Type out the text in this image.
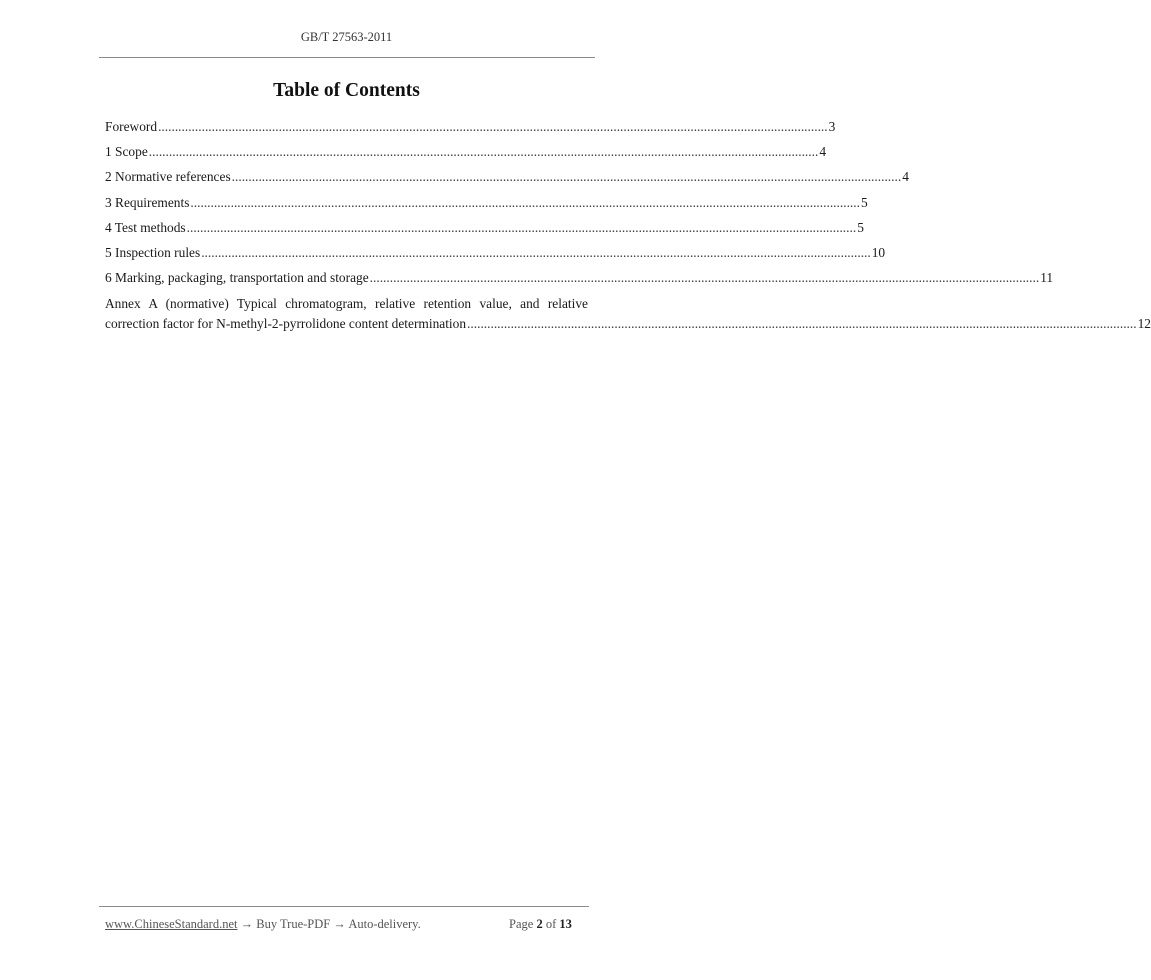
GB/T 27563-2011
Table of Contents
Foreword ........................................................................................................................................................................................................ 3
1 Scope ........................................................................................................................................................................................................ 4
2 Normative references ........................................................................................................................................................................................................ 4
3 Requirements ........................................................................................................................................................................................................ 5
4 Test methods ........................................................................................................................................................................................................ 5
5 Inspection rules ........................................................................................................................................................................................................ 10
6 Marking, packaging, transportation and storage ........................................................................................................................................................................................................ 11
Annex A (normative) Typical chromatogram, relative retention value, and relative
correction factor for N-methyl-2-pyrrolidone content determination ........................................................................................................................................................................................................ 12
www.ChineseStandard.net → Buy True-PDF → Auto-delivery.	Page 2 of 13
